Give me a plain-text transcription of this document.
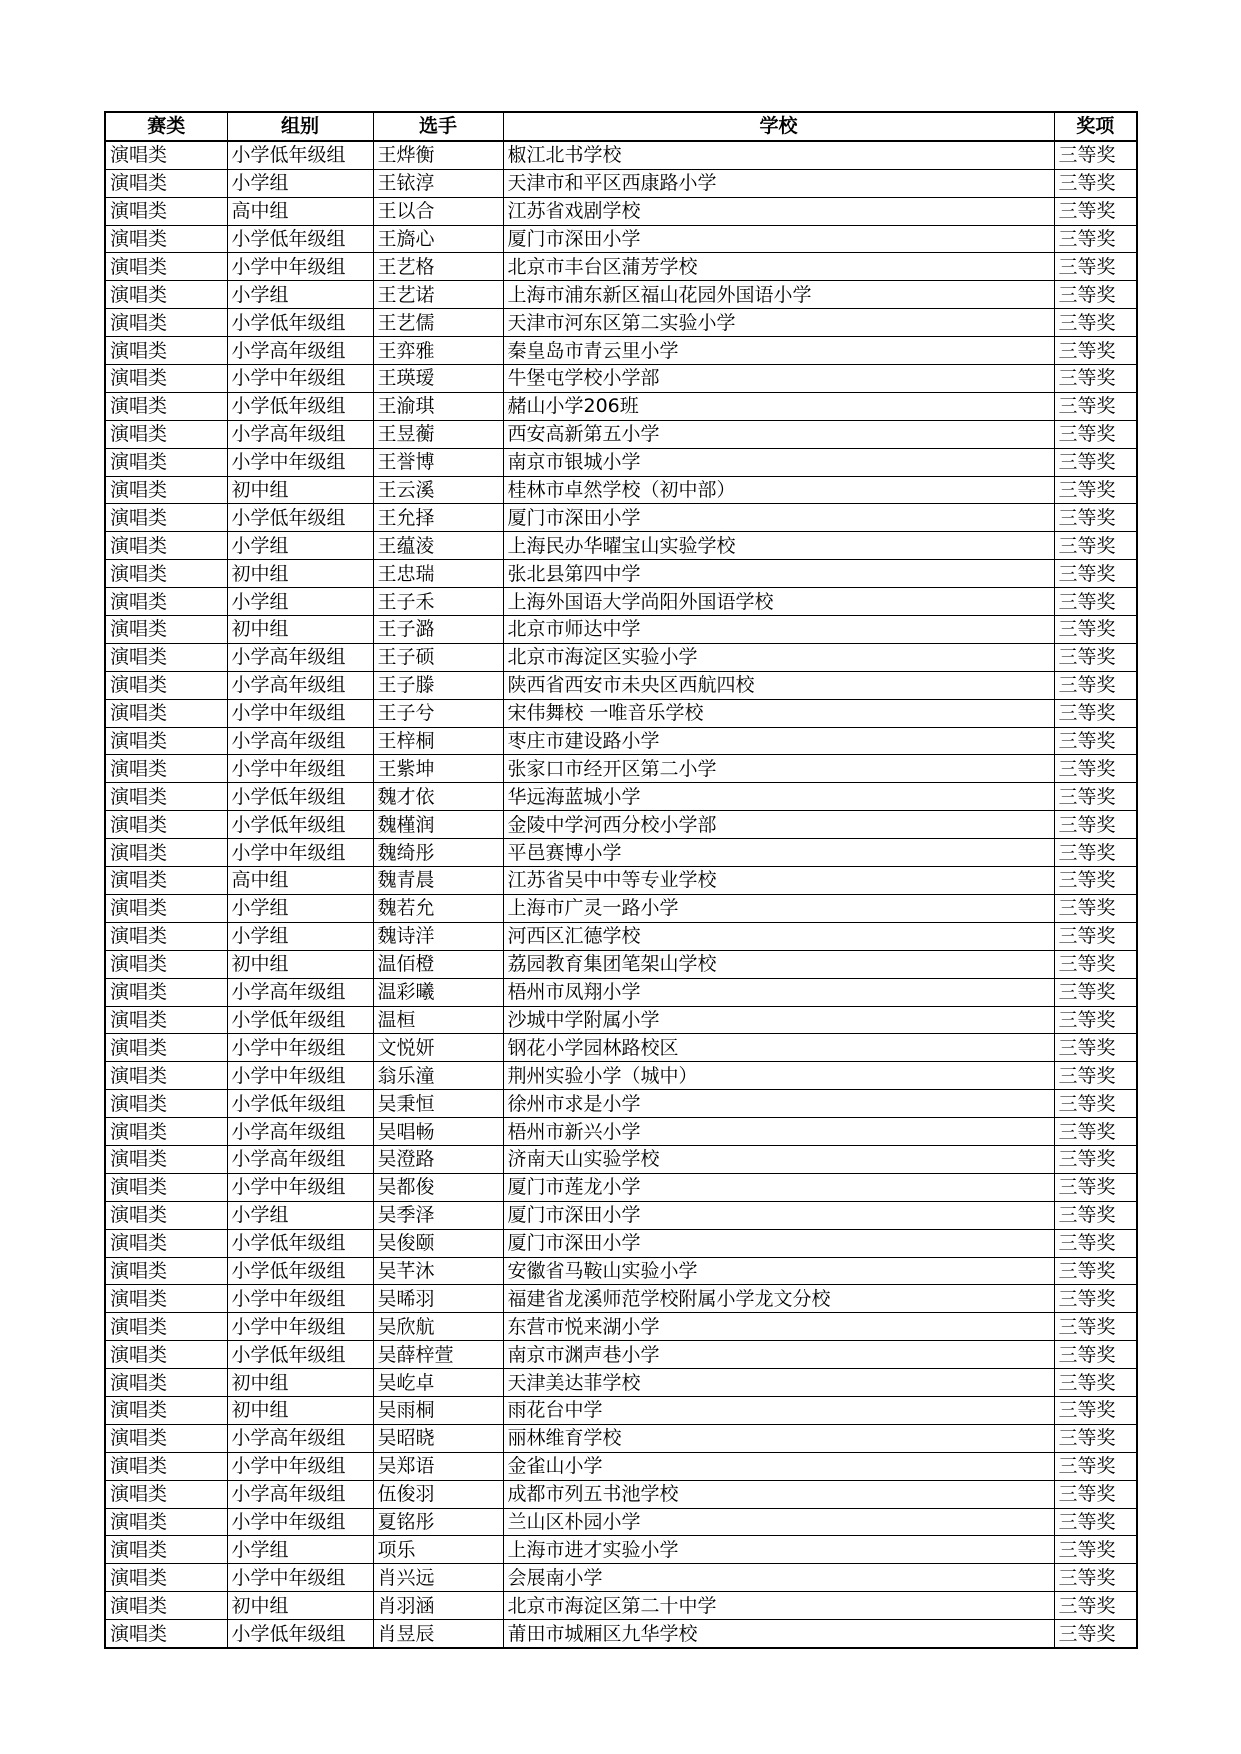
赛类	组别	选手	学校	奖项
演唱类	小学低年级组	王烨衡	椒江北书学校	三等奖
演唱类	小学组	王铱淳	天津市和平区西康路小学	三等奖
演唱类	高中组	王以合	江苏省戏剧学校	三等奖
演唱类	小学低年级组	王旖心	厦门市深田小学	三等奖
演唱类	小学中年级组	王艺格	北京市丰台区蒲芳学校	三等奖
演唱类	小学组	王艺诺	上海市浦东新区福山花园外国语小学	三等奖
演唱类	小学低年级组	王艺儒	天津市河东区第二实验小学	三等奖
演唱类	小学高年级组	王弈雅	秦皇岛市青云里小学	三等奖
演唱类	小学中年级组	王瑛瑷	牛堡屯学校小学部	三等奖
演唱类	小学低年级组	王渝琪	赭山小学206班	三等奖
演唱类	小学高年级组	王昱蘅	西安高新第五小学	三等奖
演唱类	小学中年级组	王誉博	南京市银城小学	三等奖
演唱类	初中组	王云溪	桂林市卓然学校（初中部）	三等奖
演唱类	小学低年级组	王允择	厦门市深田小学	三等奖
演唱类	小学组	王蕴淩	上海民办华曜宝山实验学校	三等奖
演唱类	初中组	王忠瑞	张北县第四中学	三等奖
演唱类	小学组	王子禾	上海外国语大学尚阳外国语学校	三等奖
演唱类	初中组	王子潞	北京市师达中学	三等奖
演唱类	小学高年级组	王子硕	北京市海淀区实验小学	三等奖
演唱类	小学高年级组	王子滕	陕西省西安市未央区西航四校	三等奖
演唱类	小学中年级组	王子兮	宋伟舞校 一唯音乐学校	三等奖
演唱类	小学高年级组	王梓桐	枣庄市建设路小学	三等奖
演唱类	小学中年级组	王紫坤	张家口市经开区第二小学	三等奖
演唱类	小学低年级组	魏才依	华远海蓝城小学	三等奖
演唱类	小学低年级组	魏槿润	金陵中学河西分校小学部	三等奖
演唱类	小学中年级组	魏绮彤	平邑赛博小学	三等奖
演唱类	高中组	魏青晨	江苏省吴中中等专业学校	三等奖
演唱类	小学组	魏若允	上海市广灵一路小学	三等奖
演唱类	小学组	魏诗洋	河西区汇德学校	三等奖
演唱类	初中组	温佰橙	荔园教育集团笔架山学校	三等奖
演唱类	小学高年级组	温彩曦	梧州市凤翔小学	三等奖
演唱类	小学低年级组	温桓	沙城中学附属小学	三等奖
演唱类	小学中年级组	文悦妍	钢花小学园林路校区	三等奖
演唱类	小学中年级组	翁乐潼	荆州实验小学（城中）	三等奖
演唱类	小学低年级组	吴秉恒	徐州市求是小学	三等奖
演唱类	小学高年级组	吴唱畅	梧州市新兴小学	三等奖
演唱类	小学高年级组	吴澄路	济南天山实验学校	三等奖
演唱类	小学中年级组	吴都俊	厦门市莲龙小学	三等奖
演唱类	小学组	吴季泽	厦门市深田小学	三等奖
演唱类	小学低年级组	吴俊颐	厦门市深田小学	三等奖
演唱类	小学低年级组	吴芊沐	安徽省马鞍山实验小学	三等奖
演唱类	小学中年级组	吴晞羽	福建省龙溪师范学校附属小学龙文分校	三等奖
演唱类	小学中年级组	吴欣航	东营市悦来湖小学	三等奖
演唱类	小学低年级组	吴薛梓萱	南京市渊声巷小学	三等奖
演唱类	初中组	吴屹卓	天津美达菲学校	三等奖
演唱类	初中组	吴雨桐	雨花台中学	三等奖
演唱类	小学高年级组	吴昭晓	丽林维育学校	三等奖
演唱类	小学中年级组	吴郑语	金雀山小学	三等奖
演唱类	小学高年级组	伍俊羽	成都市列五书池学校	三等奖
演唱类	小学中年级组	夏铭彤	兰山区朴园小学	三等奖
演唱类	小学组	项乐	上海市进才实验小学	三等奖
演唱类	小学中年级组	肖兴远	会展南小学	三等奖
演唱类	初中组	肖羽涵	北京市海淀区第二十中学	三等奖
演唱类	小学低年级组	肖昱辰	莆田市城厢区九华学校	三等奖
